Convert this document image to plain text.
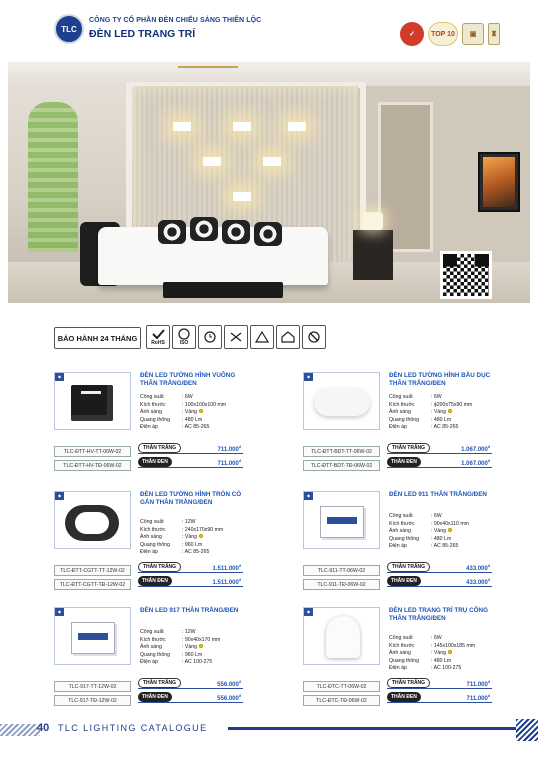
TLC
CÔNG TY CỔ PHẦN ĐÈN CHIẾU SÁNG THIÊN LỘC
ĐÈN LED TRANG TRÍ	✓	TOP 10	▣	♜
BẢO HÀNH 24 THÁNG
RoHS	ISO
◆	ĐÈN LED TƯỜNG HÌNH VUÔNG THÂN TRẮNG/ĐEN
Công suất	: 6W
Kích thước	: 100x100x100 mm
Ánh sáng	: Vàng
Quang thông	: 480 Lm
Điện áp	: AC 85-265
TLC-ĐTT-HV-TT-06W-02
TLC-ĐTT-HV-TĐ-06W-02
THÂN TRẮNG	$711.000^đ$
THÂN ĐEN	$711.000^đ$
◆	ĐÈN LED TƯỜNG HÌNH BẦU DỤC THÂN TRẮNG/ĐEN
Công suất	: 6W
Kích thước	: ϕ200x75x90 mm
Ánh sáng	: Vàng
Quang thông	: 480 Lm
Điện áp	: AC 85-265
TLC-ĐTT-BDT-TT-06W-02
TLC-ĐTT-BDT-TĐ-06W-02
THÂN TRẮNG	$1.067.000^đ$
THÂN ĐEN	$1.067.000^đ$
◆	ĐÈN LED TƯỜNG HÌNH TRÒN CÓ GẮN THÂN TRẮNG/ĐEN
Công suất	: 12W
Kích thước	: 240x170x90 mm
Ánh sáng	: Vàng
Quang thông	: 960 Lm
Điện áp	: AC 85-265
TLC-ĐTT-CGTT-TT-12W-02
TLC-ĐTT-CGTT-TĐ-12W-02
THÂN TRẮNG	$1.511.000^đ$
THÂN ĐEN	$1.511.000^đ$
◆	ĐÈN LED 911 THÂN TRẮNG/ĐEN
Công suất	: 6W
Kích thước	: 90x40x110 mm
Ánh sáng	: Vàng
Quang thông	: 480 Lm
Điện áp	: AC 85-265
TLC-911-TT-06W-02
TLC-911-TĐ-06W-02
THÂN TRẮNG	$433.000^đ$
THÂN ĐEN	$433.000^đ$
◆	ĐÈN LED 917 THÂN TRẮNG/ĐEN
Công suất	: 12W
Kích thước	: 90x40x170 mm
Ánh sáng	: Vàng
Quang thông	: 960 Lm
Điện áp	: AC 100-275
TLC-917-TT-12W-02
TLC-917-TĐ-12W-02
THÂN TRẮNG	$556.000^đ$
THÂN ĐEN	$556.000^đ$
◆	ĐÈN LED TRANG TRÍ TRỤ CỔNG THÂN TRẮNG/ĐEN
Công suất	: 6W
Kích thước	: 145x100x185 mm
Ánh sáng	: Vàng
Quang thông	: 480 Lm
Điện áp	: AC 100-275
TLC-ĐTC-TT-06W-02
TLC-ĐTC-TĐ-06W-02
THÂN TRẮNG	$711.000^đ$
THÂN ĐEN	$711.000^đ$
40 TLC LIGHTING CATALOGUE
